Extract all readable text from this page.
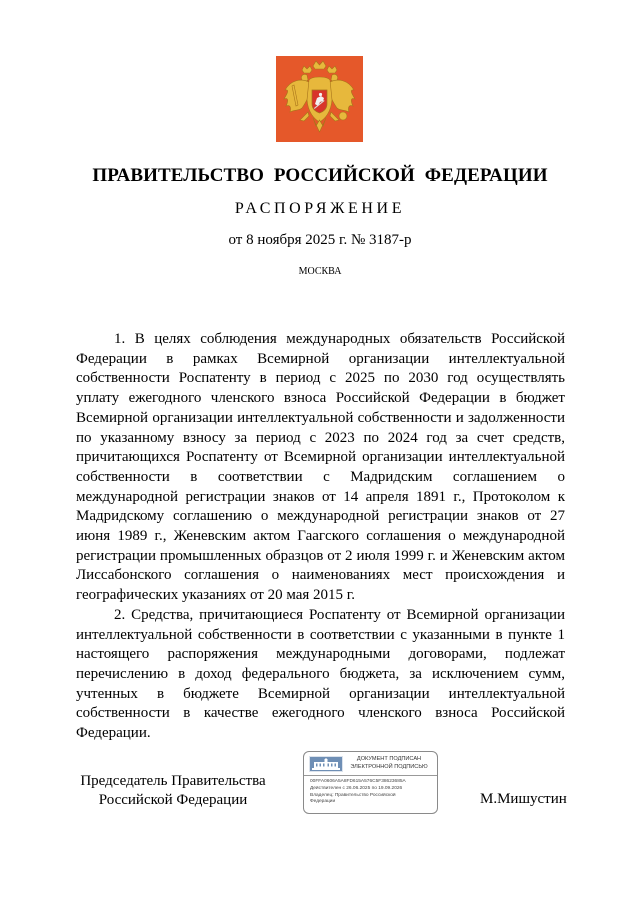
ПРАВИТЕЛЬСТВО РОССИЙСКОЙ ФЕДЕРАЦИИ
РАСПОРЯЖЕНИЕ
от 8 ноября 2025 г. № 3187-р
МОСКВА

1. В целях соблюдения международных обязательств Российской Федерации в рамках Всемирной организации интеллектуальной собственности Роспатенту в период с 2025 по 2030 год осуществлять уплату ежегодного членского взноса Российской Федерации в бюджет Всемирной организации интеллектуальной собственности и задолженности по указанному взносу за период с 2023 по 2024 год за счет средств, причитающихся Роспатенту от Всемирной организации интеллектуальной собственности в соответствии с Мадридским соглашением о международной регистрации знаков от 14 апреля 1891 г., Протоколом к Мадридскому соглашению о международной регистрации знаков от 27 июня 1989 г., Женевским актом Гаагского соглашения о международной регистрации промышленных образцов от 2 июля 1999 г. и Женевским актом Лиссабонского соглашения о наименованиях мест происхождения и географических указаниях от 20 мая 2015 г.

2. Средства, причитающиеся Роспатенту от Всемирной организации интеллектуальной собственности в соответствии с указанными в пункте 1 настоящего распоряжения международными договорами, подлежат перечислению в доход федерального бюджета, за исключением сумм, учтенных в бюджете Всемирной организации интеллектуальной собственности в качестве ежегодного членского взноса Российской Федерации.

Председатель Правительства
Российской Федерации
ДОКУМЕНТ ПОДПИСАН
ЭЛЕКТРОННОЙ ПОДПИСЬЮ
00FFA0606A5A8FD615A576C5F38623685A
Действителен с 26.06.2025 по 19.09.2026
Владелец: Правительство Российской
Федерации	М.Мишустин
